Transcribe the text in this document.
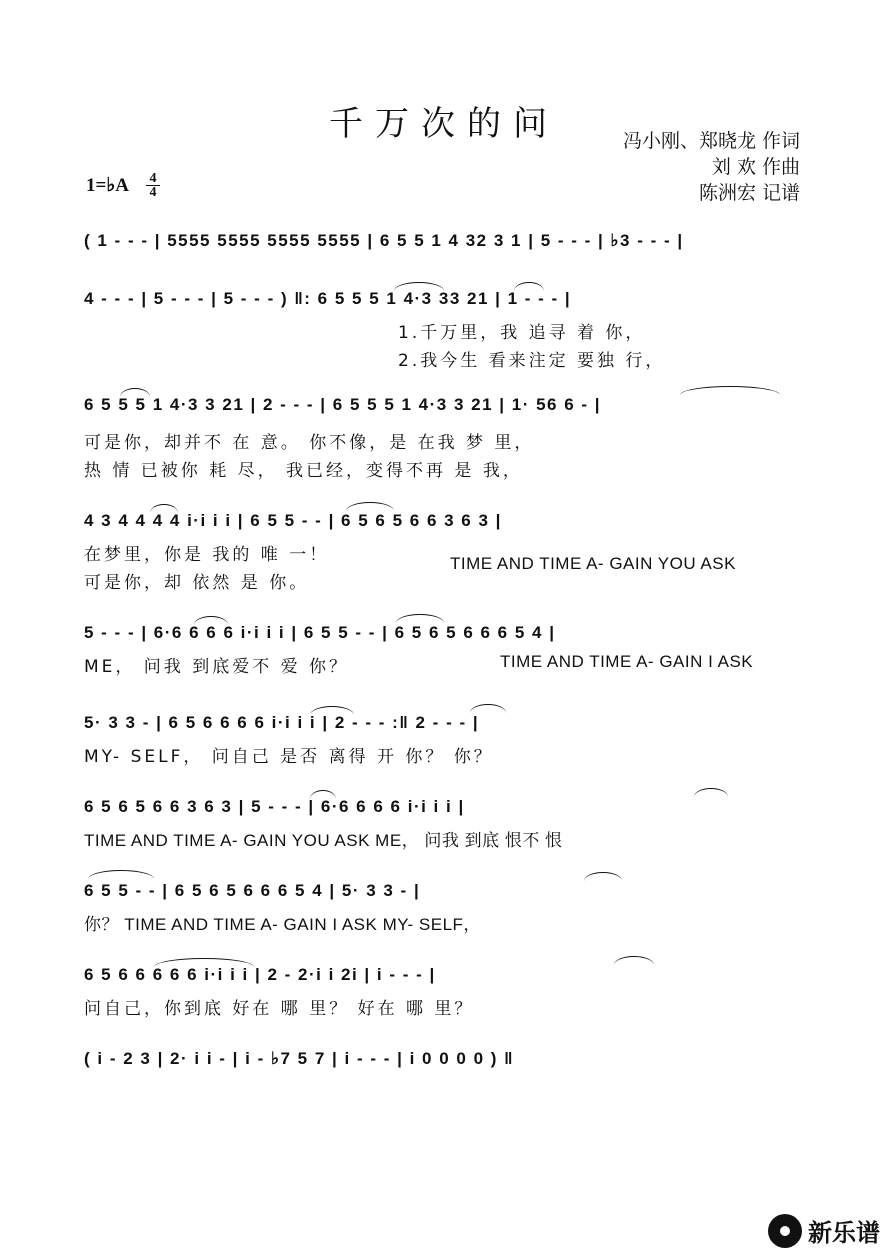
千万次的问	冯小刚、郑晓龙 作词
刘 欢 作曲
陈洲宏 记谱
1=♭A 4
4
( 1 - - - | 5555 5555 5555 5555 | 6 5 5 1 4 32 3 1 | 5 - - - | ♭3 - - - |
4 - - - | 5 - - - | 5 - - - ) ‖: 6 5 5 5 1 4·3 33 21 | 1 - - - |
1.千万里，我 追寻 着 你，
2.我今生 看来注定 要独 行，
6 5 5 5 1 4·3 3 21 | 2 - - - | 6 5 5 5 1 4·3 3 21 | 1· 56 6 - |
可是你，却并不 在 意。 你不像，是 在我 梦 里，
热 情 已被你 耗 尽， 我已经，变得不再 是 我，
4 3 4 4 4 4 i·i i i | 6 5 5 - - | 6 5 6 5 6 6 3 6 3 |
在梦里，你是 我的 唯 一！
可是你，却 依然 是 你。
TIME AND TIME A- GAIN YOU ASK
5 - - - | 6·6 6 6 6 i·i i i | 6 5 5 - - | 6 5 6 5 6 6 6 5 4 |
ME， 问我 到底爱不 爱 你？	TIME AND TIME A- GAIN I ASK
5· 3 3 - | 6 5 6 6 6 6 i·i i i | 2 - - - :‖ 2 - - - |
MY- SELF， 问自己 是否 离得 开 你？ 你？
6 5 6 5 6 6 3 6 3 | 5 - - - | 6·6 6 6 6 i·i i i |
TIME AND TIME A- GAIN YOU ASK ME， 问我 到底 恨不 恨
6 5 5 - - | 6 5 6 5 6 6 6 5 4 | 5· 3 3 - |
你？ TIME AND TIME A- GAIN I ASK MY- SELF，
6 5 6 6 6 6 6 i·i i i | 2 - 2·i i 2i | i - - - |
问自己，你到底 好在 哪 里？ 好在 哪 里？
( i - 2 3 | 2· i i - | i - ♭7 5 7 | i - - - | i 0 0 0 0 ) ‖
新乐谱
